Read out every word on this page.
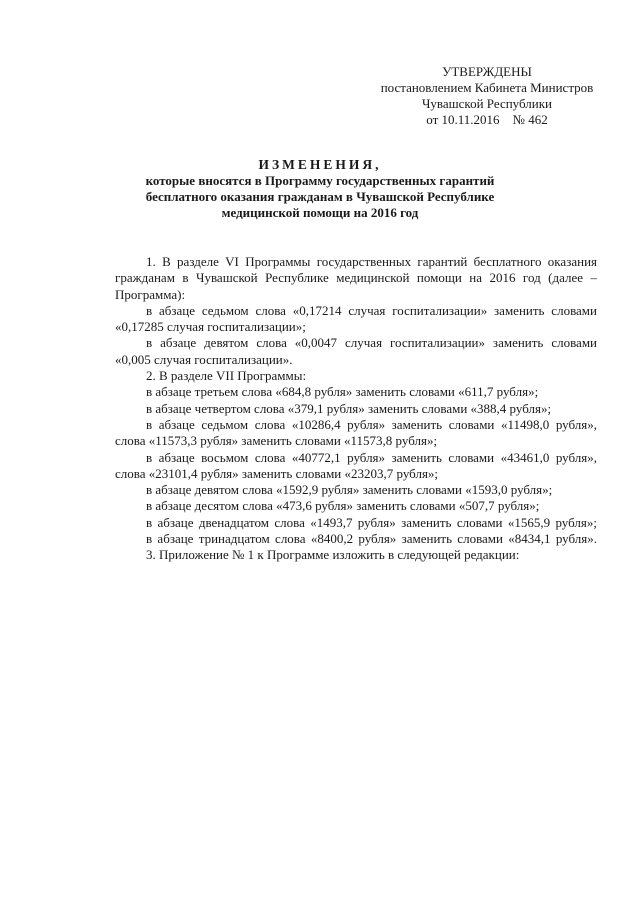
УТВЕРЖДЕНЫ
постановлением Кабинета Министров
Чувашской Республики
от 10.11.2016    № 462
ИЗМЕНЕНИЯ,
которые вносятся в Программу государственных гарантий
бесплатного оказания гражданам в Чувашской Республике
медицинской помощи на 2016 год

1. В разделе VI Программы государственных гарантий бесплатного оказания гражданам в Чувашской Республике медицинской помощи на 2016 год (далее – Программа):

в абзаце седьмом слова «0,17214 случая госпитализации» заменить словами «0,17285 случая госпитализации»;

в абзаце девятом слова «0,0047 случая госпитализации» заменить словами «0,005 случая госпитализации».

2. В разделе VII Программы:

в абзаце третьем слова «684,8 рубля» заменить словами «611,7 рубля»;

в абзаце четвертом слова «379,1 рубля» заменить словами «388,4 рубля»;

в абзаце седьмом слова «10286,4 рубля» заменить словами «11498,0 рубля», слова «11573,3 рубля» заменить словами «11573,8 рубля»;

в абзаце восьмом слова «40772,1 рубля» заменить словами «43461,0 рубля», слова «23101,4 рубля» заменить словами «23203,7 рубля»;

в абзаце девятом слова «1592,9 рубля» заменить словами «1593,0 рубля»;

в абзаце десятом слова «473,6 рубля» заменить словами «507,7 рубля»;

в абзаце двенадцатом слова «1493,7 рубля» заменить словами «1565,9 рубля»;

в абзаце тринадцатом слова «8400,2 рубля» заменить словами «8434,1 рубля».

3. Приложение № 1 к Программе изложить в следующей редакции:
